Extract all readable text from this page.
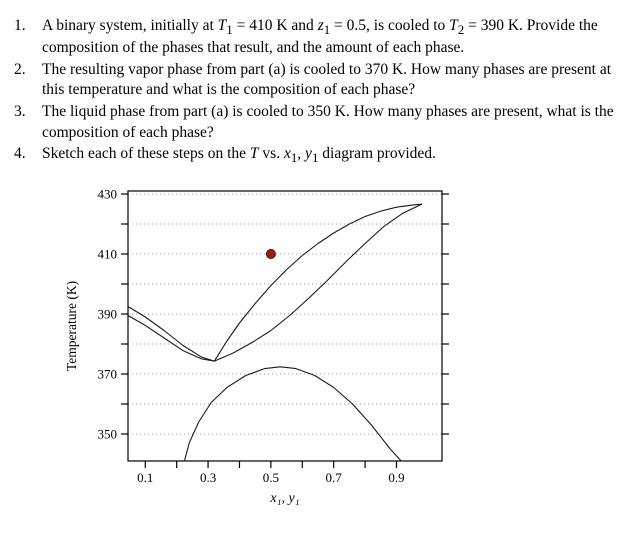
1.	A binary system, initially at $T_1 = 410$ K and $z_1 = 0.5$, is cooled to $T_2 = 390$ K. Provide the composition of the phases that result, and the amount of each phase.
2.	The resulting vapor phase from part (a) is cooled to 370 K. How many phases are present at this temperature and what is the composition of each phase?
3.	The liquid phase from part (a) is cooled to 350 K. How many phases are present, what is the composition of each phase?
4.	Sketch each of these steps on the T vs. $x_1$, $y_1$ diagram provided.
350
370
390
410
430
0.1	0.3	0.5	0.7	0.9
Temperature (K)
x₁, y₁
